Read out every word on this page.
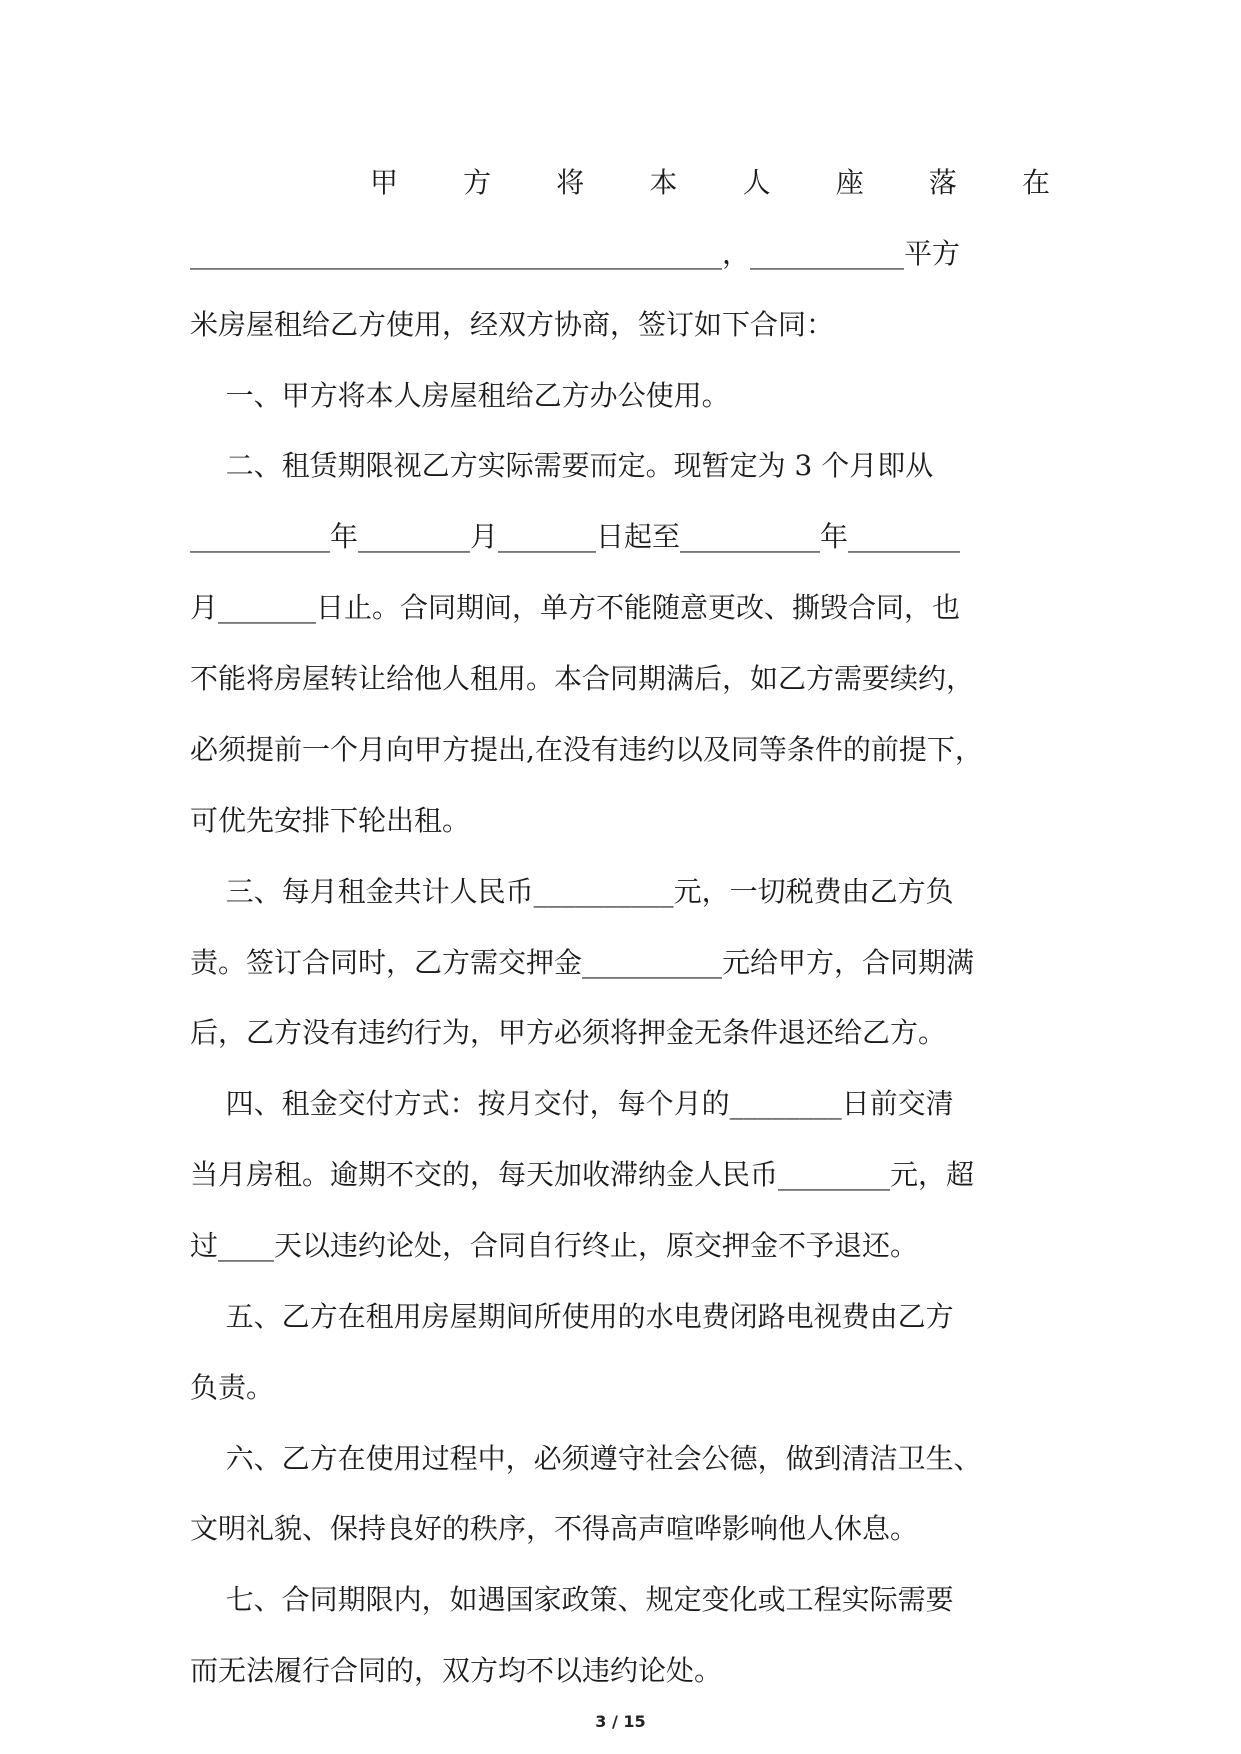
甲 方 将 本 人 座 落 在
______________________________________，___________平方
米房屋租给乙方使用，经双方协商，签订如下合同：
一、甲方将本人房屋租给乙方办公使用。
二、租赁期限视乙方实际需要而定。现暂定为 3 个月即从
__________年________月_______日起至__________年________
月_______日止。合同期间，单方不能随意更改、撕毁合同，也
不能将房屋转让给他人租用。本合同期满后，如乙方需要续约，
必须提前一个月向甲方提出,在没有违约以及同等条件的前提下，
可优先安排下轮出租。
三、每月租金共计人民币__________元，一切税费由乙方负
责。签订合同时，乙方需交押金__________元给甲方，合同期满
后，乙方没有违约行为，甲方必须将押金无条件退还给乙方。
四、租金交付方式：按月交付，每个月的________日前交清
当月房租。逾期不交的，每天加收滞纳金人民币________元，超
过____天以违约论处，合同自行终止，原交押金不予退还。
五、乙方在租用房屋期间所使用的水电费闭路电视费由乙方
负责。
六、乙方在使用过程中，必须遵守社会公德，做到清洁卫生、
文明礼貌、保持良好的秩序，不得高声喧哗影响他人休息。
七、合同期限内，如遇国家政策、规定变化或工程实际需要
而无法履行合同的，双方均不以违约论处。
3 / 15
